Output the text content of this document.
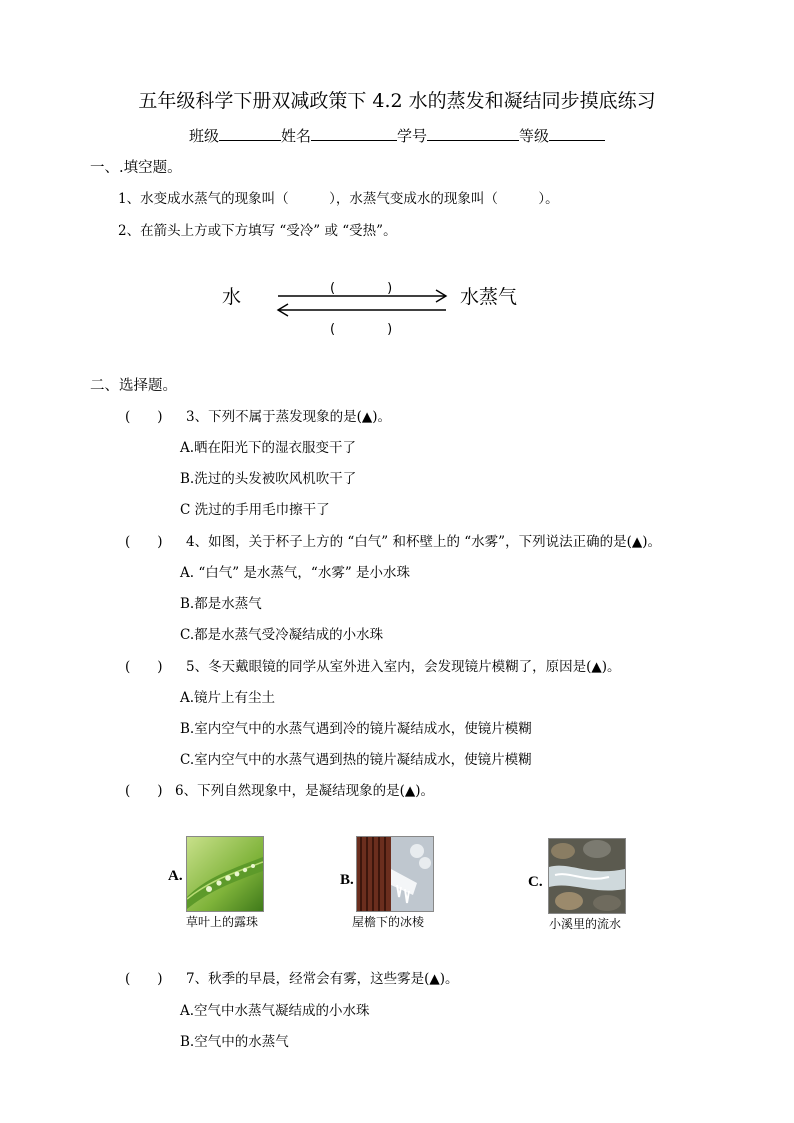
五年级科学下册双减政策下 4.2 水的蒸发和凝结同步摸底练习
班级	姓名	学号	等级
一、.填空题。
1、水变成水蒸气的现象叫（　　　），水蒸气变成水的现象叫（　　　）。
2、在箭头上方或下方填写 “受冷” 或 “受热”。
水	水蒸气
(　　　　)
(　　　　)
二、选择题。
(　　) 3、下列不属于蒸发现象的是(▲)。
A.晒在阳光下的湿衣服变干了
B.洗过的头发被吹风机吹干了
C 洗过的手用毛巾擦干了
(　　) 4、如图，关于杯子上方的 “白气” 和杯壁上的 “水雾”，下列说法正确的是(▲)。
A. “白气” 是水蒸气，“水雾” 是小水珠
B.都是水蒸气
C.都是水蒸气受冷凝结成的小水珠
(　　) 5、冬天戴眼镜的同学从室外进入室内，会发现镜片模糊了，原因是(▲)。
A.镜片上有尘土
B.室内空气中的水蒸气遇到冷的镜片凝结成水，使镜片模糊
C.室内空气中的水蒸气遇到热的镜片凝结成水，使镜片模糊
(　　) 6、下列自然现象中，是凝结现象的是(▲)。
A.
草叶上的露珠
B.
屋檐下的冰棱
C.
小溪里的流水
(　　) 7、秋季的早晨，经常会有雾，这些雾是(▲)。
A.空气中水蒸气凝结成的小水珠
B.空气中的水蒸气
